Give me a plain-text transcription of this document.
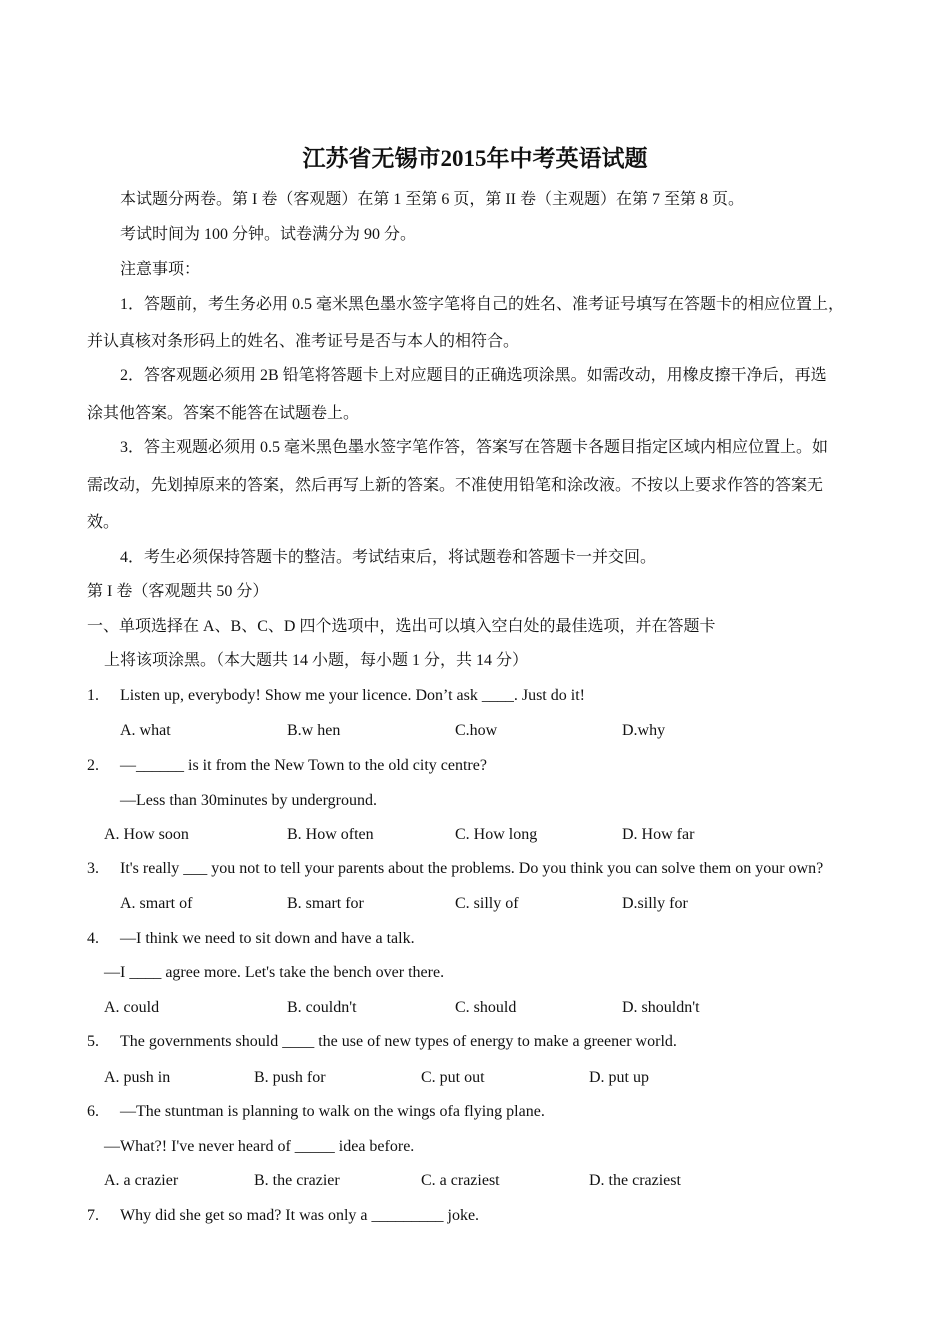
江苏省无锡市2015年中考英语试题
本试题分两卷。第 I 卷（客观题）在第 1 至第 6 页，第 II 卷（主观题）在第 7 至第 8 页。
考试时间为 100 分钟。试卷满分为 90 分。
注意事项：
1．答题前，考生务必用 0.5 毫米黑色墨水签字笔将自己的姓名、准考证号填写在答题卡的相应位置上，
并认真核对条形码上的姓名、准考证号是否与本人的相符合。
2．答客观题必须用 2B 铅笔将答题卡上对应题目的正确选项涂黑。如需改动，用橡皮擦干净后，再选
涂其他答案。答案不能答在试题卷上。
3．答主观题必须用 0.5 毫米黑色墨水签字笔作答，答案写在答题卡各题目指定区域内相应位置上。如
需改动，先划掉原来的答案，然后再写上新的答案。不准使用铅笔和涂改液。不按以上要求作答的答案无
效。
4．考生必须保持答题卡的整洁。考试结束后，将试题卷和答题卡一并交回。
第 I 卷（客观题共 50 分）
一、单项选择在 A、B、C、D 四个选项中，选出可以填入空白处的最佳选项，并在答题卡
上将该项涂黑。（本大题共 14 小题，每小题 1 分，共 14 分）
1. Listen up, everybody! Show me your licence. Don’t ask ____. Just do it!
A. what	B.w hen	C.how	D.why
2. —______ is it from the New Town to the old city centre?
—Less than 30minutes by underground.
A. How soon	B. How often	C. How long	D. How far
3. It's really ___ you not to tell your parents about the problems. Do you think you can solve them on your own?
A. smart of	B. smart for	C. silly of	D.silly for
4. —I think we need to sit down and have a talk.
—I ____ agree more. Let's take the bench over there.
A. could	B. couldn't	C. should	D. shouldn't
5. The governments should ____ the use of new types of energy to make a greener world.
A. push in	B. push for	C. put out	D. put up
6. —The stuntman is planning to walk on the wings ofa flying plane.
—What?! I've never heard of _____ idea before.
A. a crazier	B. the crazier	C. a craziest	D. the craziest
7. Why did she get so mad? It was only a _________ joke.
